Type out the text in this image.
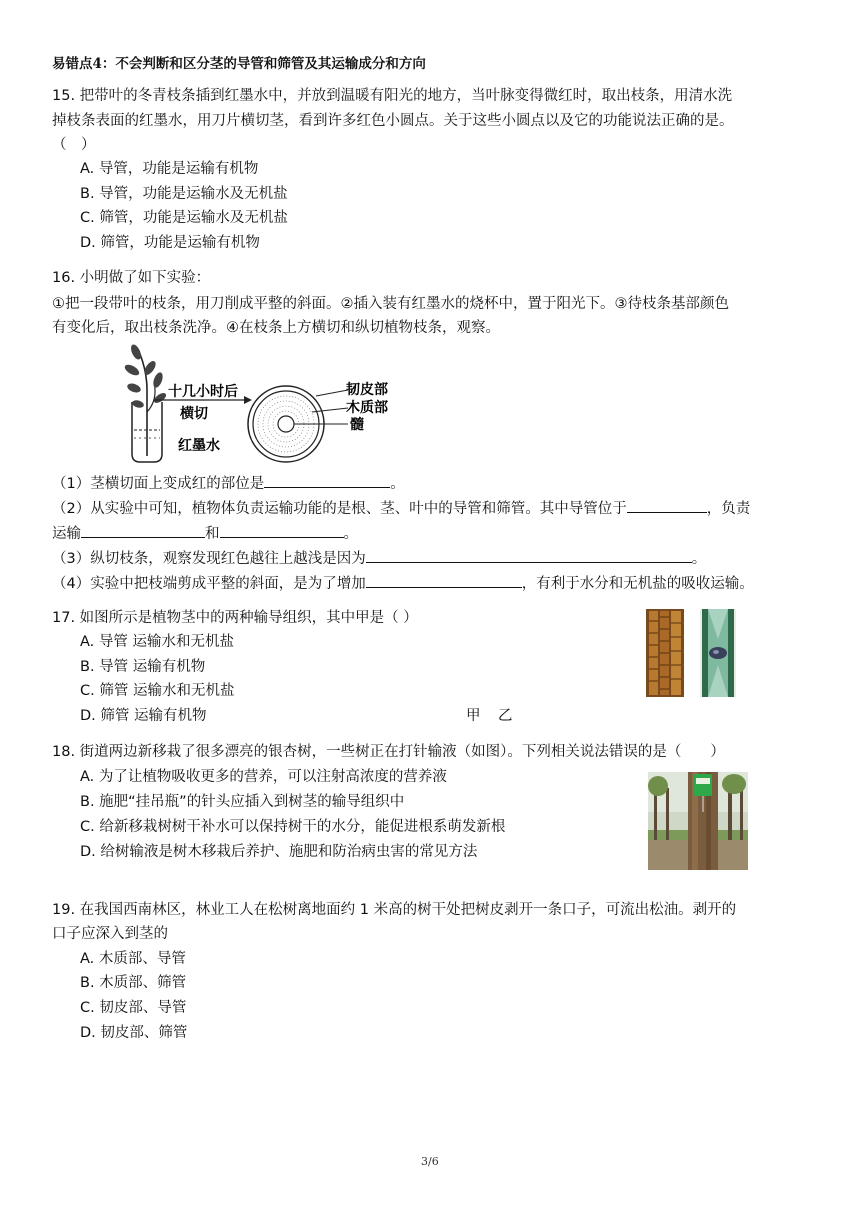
易错点4：不会判断和区分茎的导管和筛管及其运输成分和方向
15. 把带叶的冬青枝条插到红墨水中，并放到温暖有阳光的地方，当叶脉变得微红时，取出枝条，用清水洗
掉枝条表面的红墨水，用刀片横切茎，看到许多红色小圆点。关于这些小圆点以及它的功能说法正确的是。
（　）
A. 导管，功能是运输有机物
B. 导管，功能是运输水及无机盐
C. 筛管，功能是运输水及无机盐
D. 筛管，功能是运输有机物
16. 小明做了如下实验：
①把一段带叶的枝条，用刀削成平整的斜面。②插入装有红墨水的烧杯中，置于阳光下。③待枝条基部颜色
有变化后，取出枝条洗净。④在枝条上方横切和纵切植物枝条，观察。
十几小时后
横切
红墨水
韧皮部
木质部
髓
（1）茎横切面上变成红的部位是	。
（2）从实验中可知，植物体负责运输功能的是根、茎、叶中的导管和筛管。其中导管位于	，负责
运输	和	。
（3）纵切枝条，观察发现红色越往上越浅是因为	。
（4）实验中把枝端剪成平整的斜面，是为了增加	，有利于水分和无机盐的吸收运输。
17. 如图所示是植物茎中的两种输导组织，其中甲是（ ）
A. 导管 运输水和无机盐
B. 导管 运输有机物
C. 筛管 运输水和无机盐
D. 筛管 运输有机物	甲 乙
18. 街道两边新移栽了很多漂亮的银杏树，一些树正在打针输液（如图）。下列相关说法错误的是（　　）
A. 为了让植物吸收更多的营养，可以注射高浓度的营养液
B. 施肥“挂吊瓶”的针头应插入到树茎的输导组织中
C. 给新移栽树树干补水可以保持树干的水分，能促进根系萌发新根
D. 给树输液是树木移栽后养护、施肥和防治病虫害的常见方法
19. 在我国西南林区，林业工人在松树离地面约 1 米高的树干处把树皮剥开一条口子，可流出松油。剥开的
口子应深入到茎的
A. 木质部、导管
B. 木质部、筛管
C. 韧皮部、导管
D. 韧皮部、筛管
3/6
